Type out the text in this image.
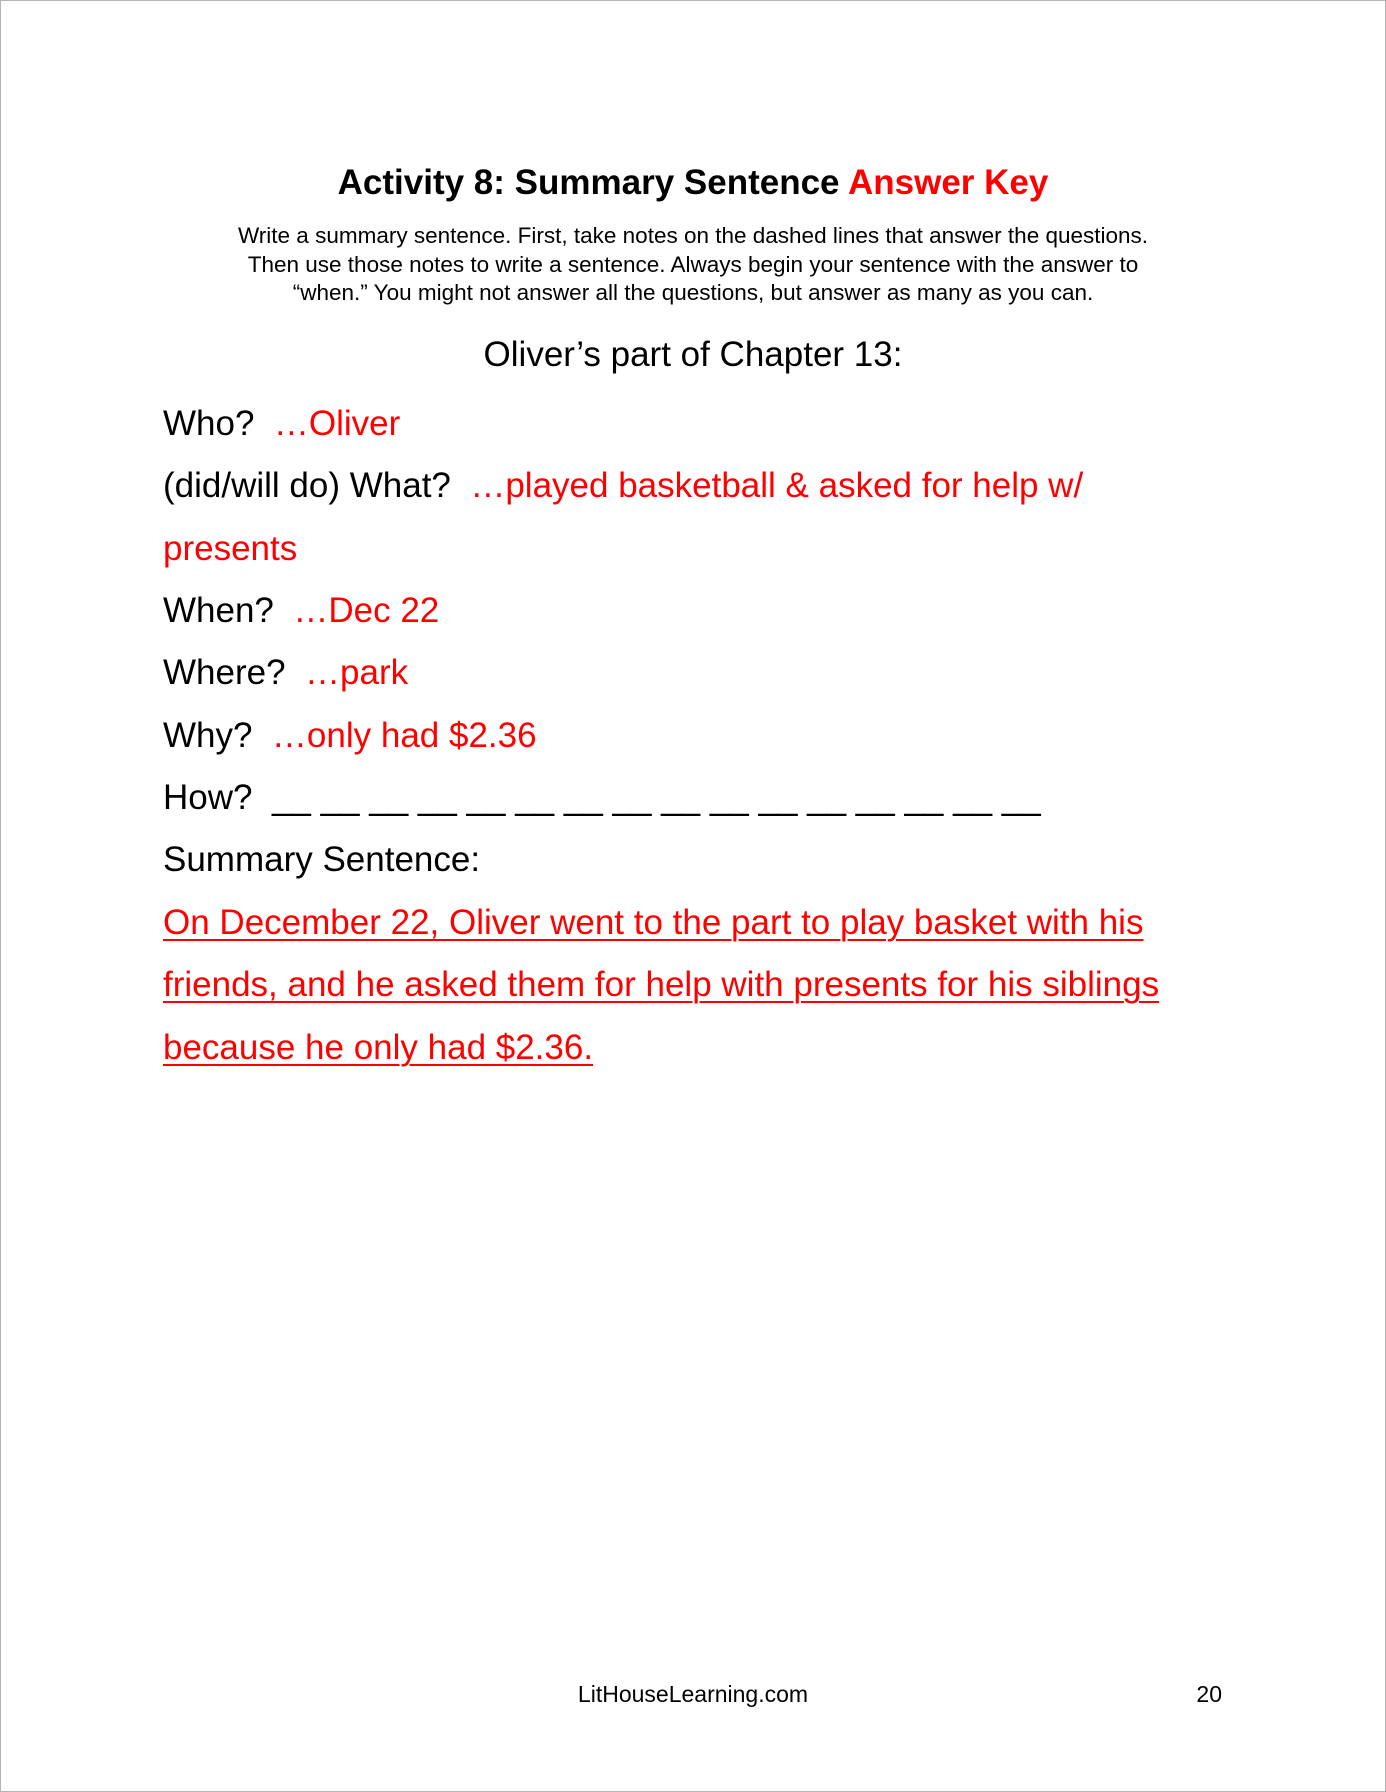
Activity 8: Summary Sentence Answer Key
Write a summary sentence. First, take notes on the dashed lines that answer the questions.
Then use those notes to write a sentence. Always begin your sentence with the answer to
“when.” You might not answer all the questions, but answer as many as you can.
Oliver’s part of Chapter 13:
Who? …Oliver
(did/will do) What? …played basketball & asked for help w/
presents
When? …Dec 22
Where? …park
Why? …only had $2.36
How? __ __ __ __ __ __ __ __ __ __ __ __ __ __ __ __
Summary Sentence:
On December 22, Oliver went to the part to play basket with his
friends, and he asked them for help with presents for his siblings
because he only had $2.36.
LitHouseLearning.com	20
